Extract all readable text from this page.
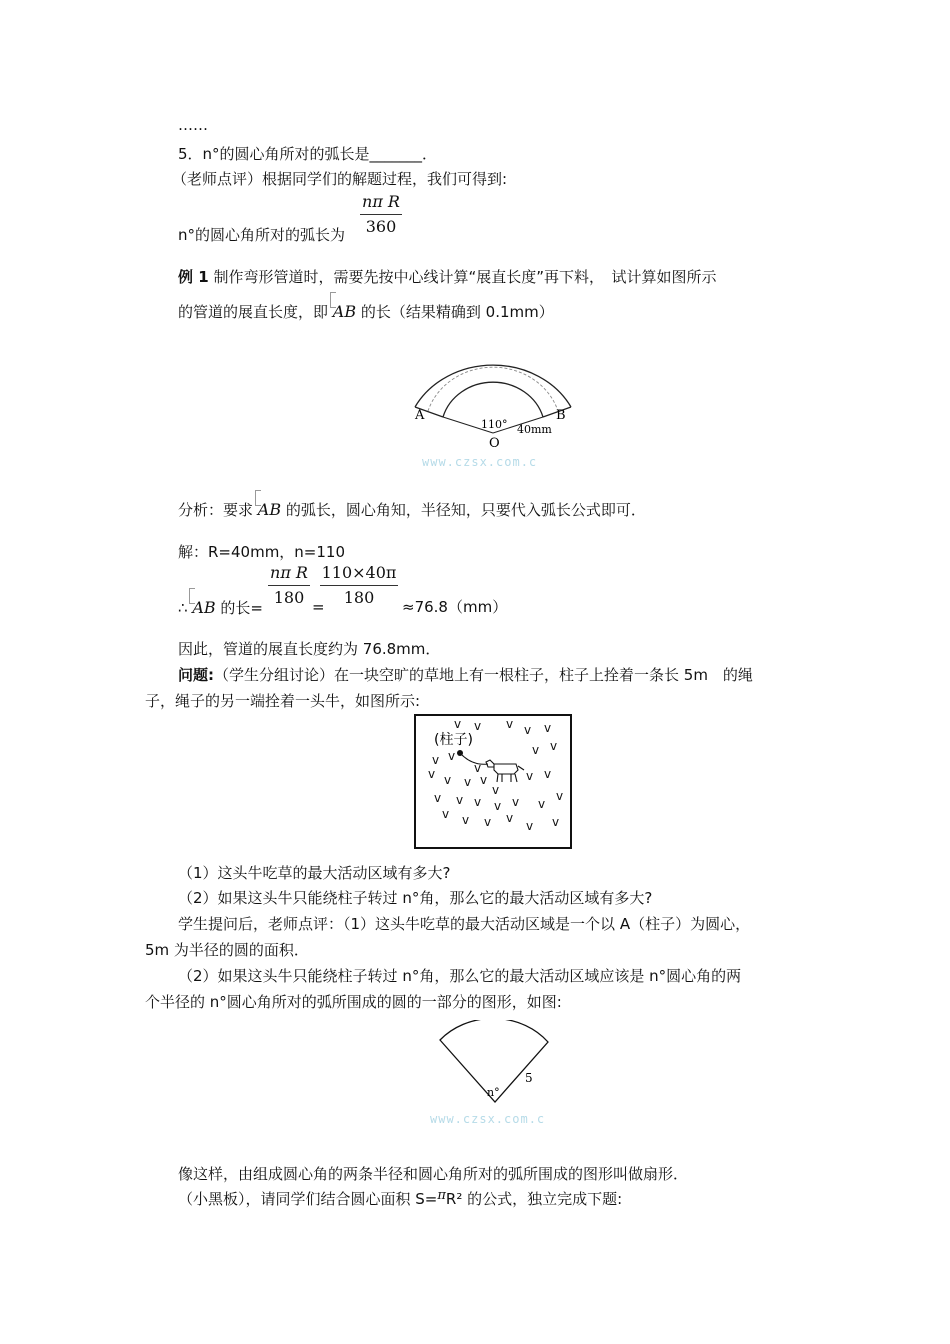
……
5．n°的圆心角所对的弧长是_______．
（老师点评）根据同学们的解题过程，我们可得到:
n°的圆心角所对的弧长为
nπ R
360
例 1 制作弯形管道时，需要先按中心线计算“展直长度”再下料，　试计算如图所示
的管道的展直长度，即 AB 的长（结果精确到 0.1mm）
A	B
O
110° 40mm
www.czsx.com.c
分析：要求 AB 的弧长，圆心角知，半径知，只要代入弧长公式即可．
解：R=40mm，n=110
∴ AB 的长=
nπ R
180 =
110×40π
180	≈76.8（mm）
因此，管道的展直长度约为 76.8mm．
问题:（学生分组讨论）在一块空旷的草地上有一根柱子，柱子上拴着一条长 5m　的绳
子，绳子的另一端拴着一头牛，如图所示:
v v v v v
v v
v
v v
v v v v
v
v v
v v v v v v
v
v v v v
v v
(柱子)
（1）这头牛吃草的最大活动区域有多大?
（2）如果这头牛只能绕柱子转过 n°角，那么它的最大活动区域有多大?
学生提问后，老师点评：（1）这头牛吃草的最大活动区域是一个以 A（柱子）为圆心，
5m 为半径的圆的面积．
（2）如果这头牛只能绕柱子转过 n°角，那么它的最大活动区域应该是 n°圆心角的两
个半径的 n°圆心角所对的弧所围成的圆的一部分的图形，如图:
n°
5
www.czsx.com.c
像这样，由组成圆心角的两条半径和圆心角所对的弧所围成的图形叫做扇形．
（小黑板），请同学们结合圆心面积 S=πR² 的公式，独立完成下题:
